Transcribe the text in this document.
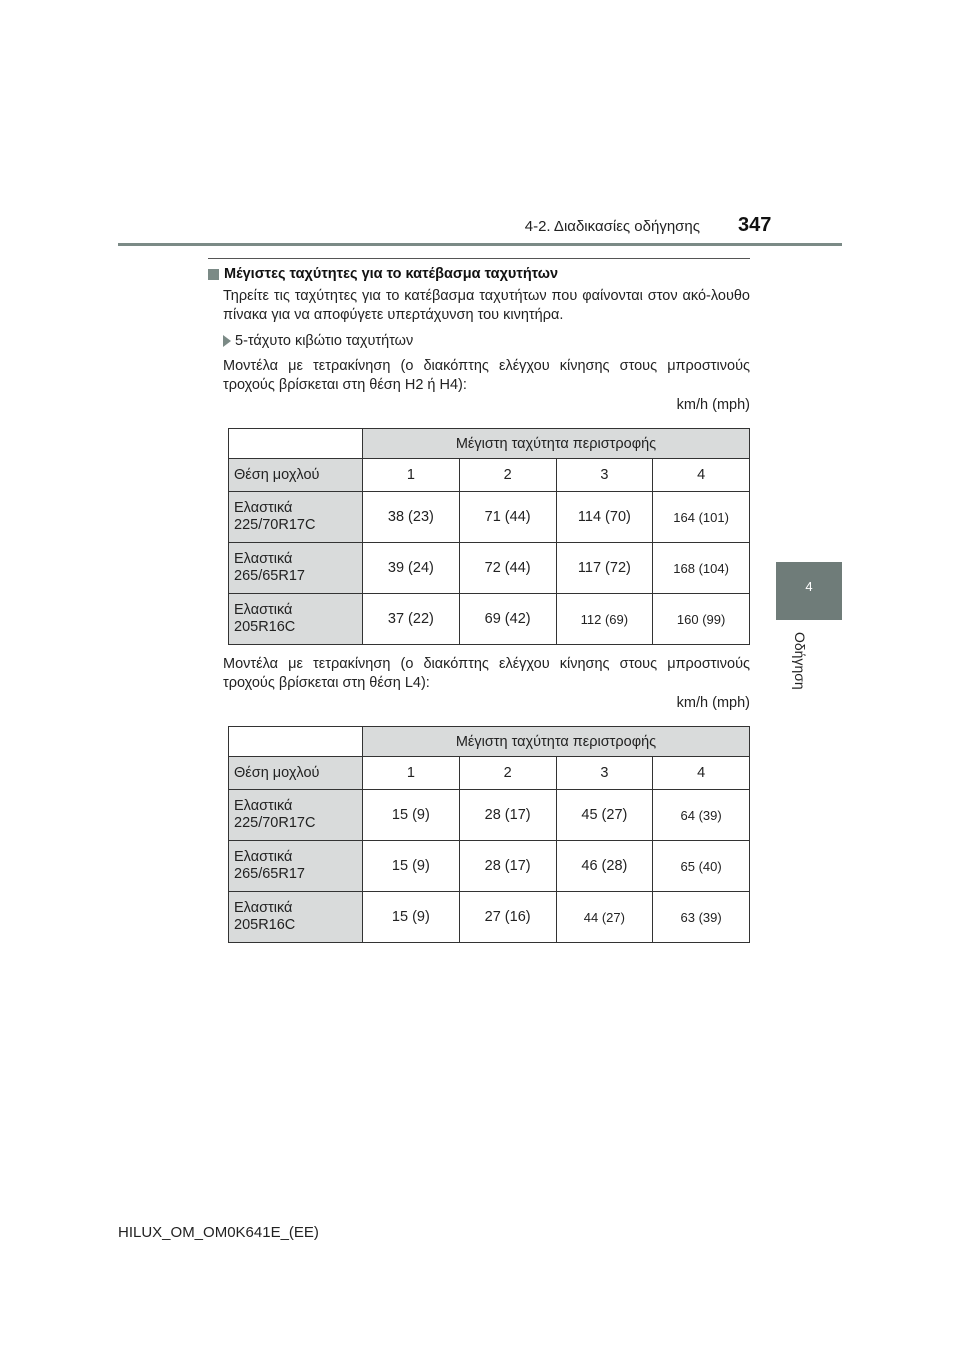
4-2. Διαδικασίες οδήγησης 347
4
Οδήγηση
Μέγιστες ταχύτητες για το κατέβασμα ταχυτήτων
Τηρείτε τις ταχύτητες για το κατέβασμα ταχυτήτων που φαίνονται στον ακό-λουθο πίνακα για να αποφύγετε υπερτάχυνση του κινητήρα.
5-τάχυτο κιβώτιο ταχυτήτων
Μοντέλα με τετρακίνηση (ο διακόπτης ελέγχου κίνησης στους μπροστινούς τροχούς βρίσκεται στη θέση H2 ή H4):
km/h (mph)
	Μέγιστη ταχύτητα περιστροφής			
Θέση μοχλού	1	2	3	4
Ελαστικά
225/70R17C	38 (23)	71 (44)	114 (70)	164 (101)
Ελαστικά
265/65R17	39 (24)	72 (44)	117 (72)	168 (104)
Ελαστικά
205R16C	37 (22)	69 (42)	112 (69)	160 (99)
Μοντέλα με τετρακίνηση (ο διακόπτης ελέγχου κίνησης στους μπροστινούς τροχούς βρίσκεται στη θέση L4):
km/h (mph)
	Μέγιστη ταχύτητα περιστροφής			
Θέση μοχλού	1	2	3	4
Ελαστικά
225/70R17C	15 (9)	28 (17)	45 (27)	64 (39)
Ελαστικά
265/65R17	15 (9)	28 (17)	46 (28)	65 (40)
Ελαστικά
205R16C	15 (9)	27 (16)	44 (27)	63 (39)
HILUX_OM_OM0K641E_(EE)
